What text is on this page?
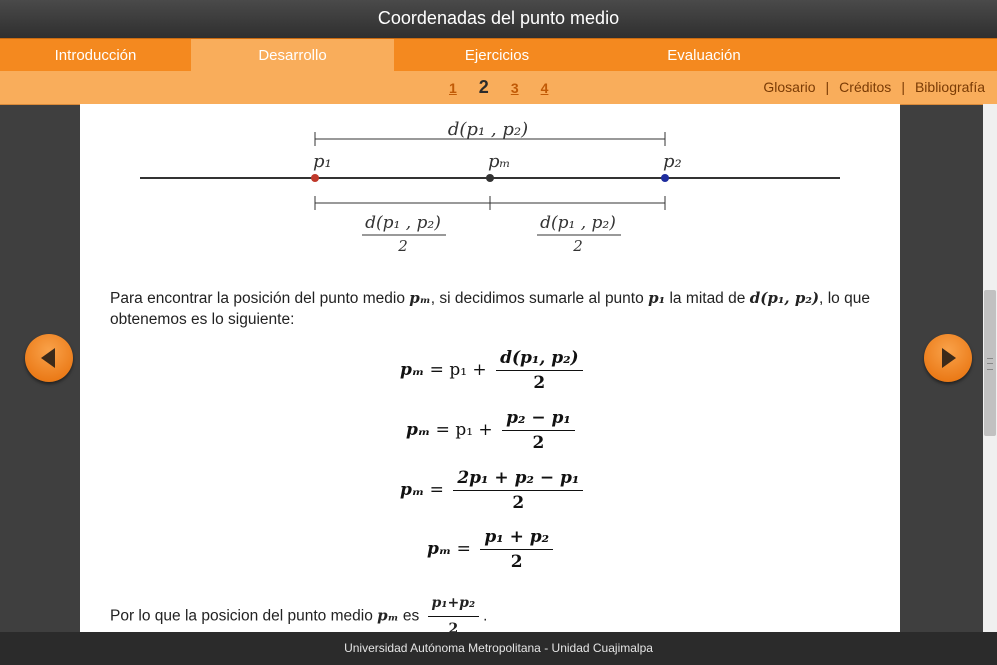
Coordenadas del punto medio
Introducción	Desarrollo	Ejercicios	Evaluación
1 2 3 4	Glosario | Créditos | Bibliografía
d(p₁ , p₂)
p₁	pₘ	p₂
d(p₁ , p₂)
2
d(p₁ , p₂)
2
Para encontrar la posición del punto medio pₘ, si decidimos sumarle al punto p₁ la mitad de d(p₁, p₂), lo que obtenemos es lo siguiente:
$p_m = p_1 + \frac{\text{d(p₁, p₂)}}{2}$
$p_m = p_1 + \frac{\text{p₂ − p₁}}{2}$
$p_m = \frac{\text{2p₁ + p₂ − p₁}}{2}$
$p_m = \frac{\text{p₁ + p₂}}{2}$
Por lo que la posicion del punto medio pₘ es $\frac{\text{p₁+p₂}}{2}$ .
Universidad Autónoma Metropolitana - Unidad Cuajimalpa
